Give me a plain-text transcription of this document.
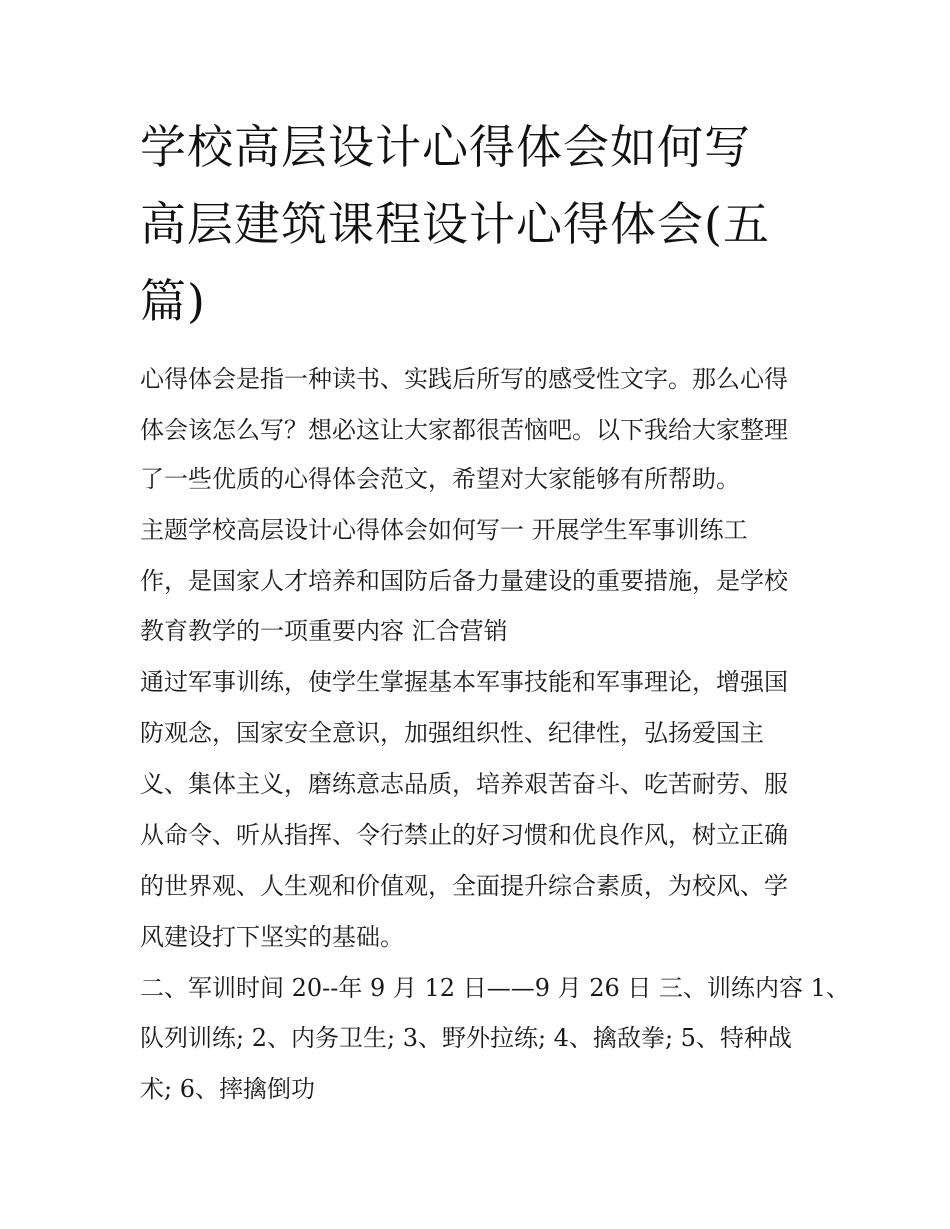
学校高层设计心得体会如何写
高层建筑课程设计心得体会(五
篇)
心得体会是指一种读书、实践后所写的感受性文字。那么心得
体会该怎么写？想必这让大家都很苦恼吧。以下我给大家整理
了一些优质的心得体会范文，希望对大家能够有所帮助。
主题学校高层设计心得体会如何写一 开展学生军事训练工
作，是国家人才培养和国防后备力量建设的重要措施，是学校
教育教学的一项重要内容 汇合营销
通过军事训练，使学生掌握基本军事技能和军事理论，增强国
防观念，国家安全意识，加强组织性、纪律性，弘扬爱国主
义、集体主义，磨练意志品质，培养艰苦奋斗、吃苦耐劳、服
从命令、听从指挥、令行禁止的好习惯和优良作风，树立正确
的世界观、人生观和价值观，全面提升综合素质，为校风、学
风建设打下坚实的基础。
二、军训时间 20--年 9 月 12 日——9 月 26 日 三、训练内容 1、
队列训练; 2、内务卫生; 3、野外拉练; 4、擒敌拳; 5、特种战
术; 6、摔擒倒功
